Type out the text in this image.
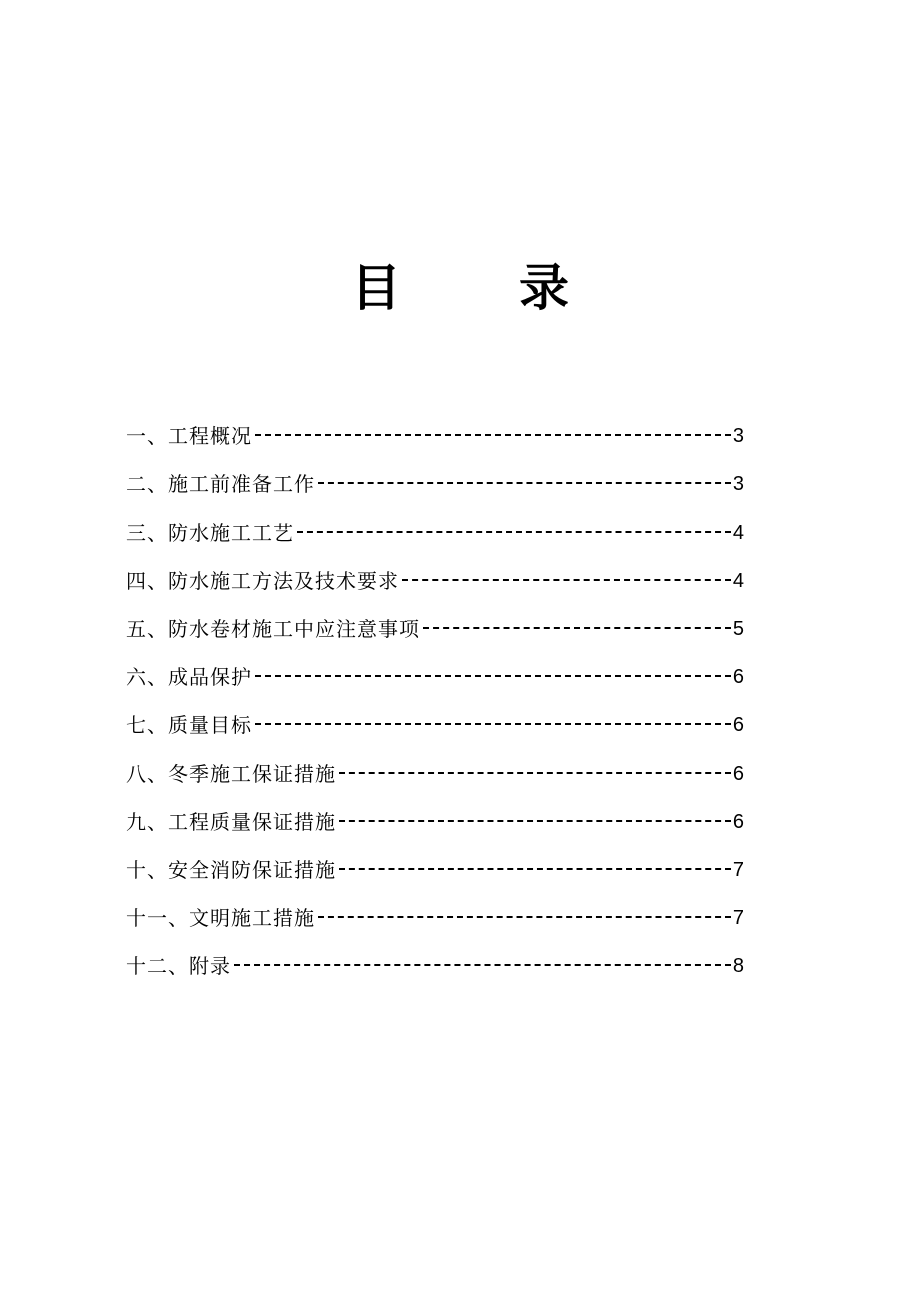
目 录
一、工程概况	3
二、施工前准备工作	3
三、防水施工工艺	4
四、防水施工方法及技术要求	4
五、防水卷材施工中应注意事项	5
六、成品保护	6
七、质量目标	6
八、冬季施工保证措施	6
九、工程质量保证措施	6
十、安全消防保证措施	7
十一、文明施工措施	7
十二、附录	8
